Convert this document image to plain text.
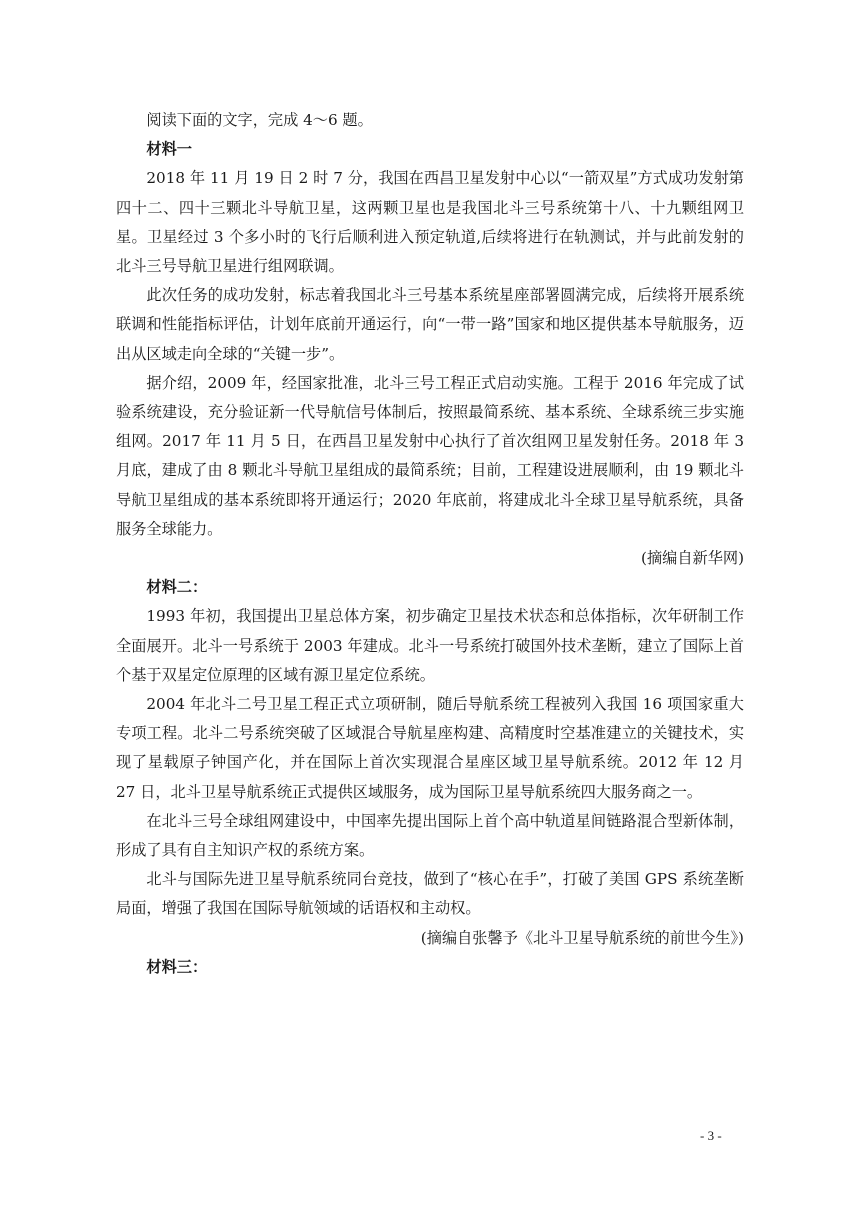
阅读下面的文字，完成 4～6 题。

材料一

2018 年 11 月 19 日 2 时 7 分，我国在西昌卫星发射中心以“一箭双星”方式成功发射第四十二、四十三颗北斗导航卫星，这两颗卫星也是我国北斗三号系统第十八、十九颗组网卫星。卫星经过 3 个多小时的飞行后顺利进入预定轨道,后续将进行在轨测试，并与此前发射的北斗三号导航卫星进行组网联调。

此次任务的成功发射，标志着我国北斗三号基本系统星座部署圆满完成，后续将开展系统联调和性能指标评估，计划年底前开通运行，向“一带一路”国家和地区提供基本导航服务，迈出从区域走向全球的“关键一步”。

据介绍，2009 年，经国家批准，北斗三号工程正式启动实施。工程于 2016 年完成了试验系统建设，充分验证新一代导航信号体制后，按照最简系统、基本系统、全球系统三步实施组网。2017 年 11 月 5 日，在西昌卫星发射中心执行了首次组网卫星发射任务。2018 年 3 月底，建成了由 8 颗北斗导航卫星组成的最简系统；目前，工程建设进展顺利，由 19 颗北斗导航卫星组成的基本系统即将开通运行；2020 年底前，将建成北斗全球卫星导航系统，具备服务全球能力。

(摘编自新华网)

材料二：

1993 年初，我国提出卫星总体方案，初步确定卫星技术状态和总体指标，次年研制工作全面展开。北斗一号系统于 2003 年建成。北斗一号系统打破国外技术垄断，建立了国际上首个基于双星定位原理的区域有源卫星定位系统。

2004 年北斗二号卫星工程正式立项研制，随后导航系统工程被列入我国 16 项国家重大专项工程。北斗二号系统突破了区域混合导航星座构建、高精度时空基准建立的关键技术，实现了星载原子钟国产化，并在国际上首次实现混合星座区域卫星导航系统。2012 年 12 月 27 日，北斗卫星导航系统正式提供区域服务，成为国际卫星导航系统四大服务商之一。

在北斗三号全球组网建设中，中国率先提出国际上首个高中轨道星间链路混合型新体制，形成了具有自主知识产权的系统方案。

北斗与国际先进卫星导航系统同台竞技，做到了“核心在手”，打破了美国 GPS 系统垄断局面，增强了我国在国际导航领域的话语权和主动权。

(摘编自张馨予《北斗卫星导航系统的前世今生》)

材料三：

- 3 -
